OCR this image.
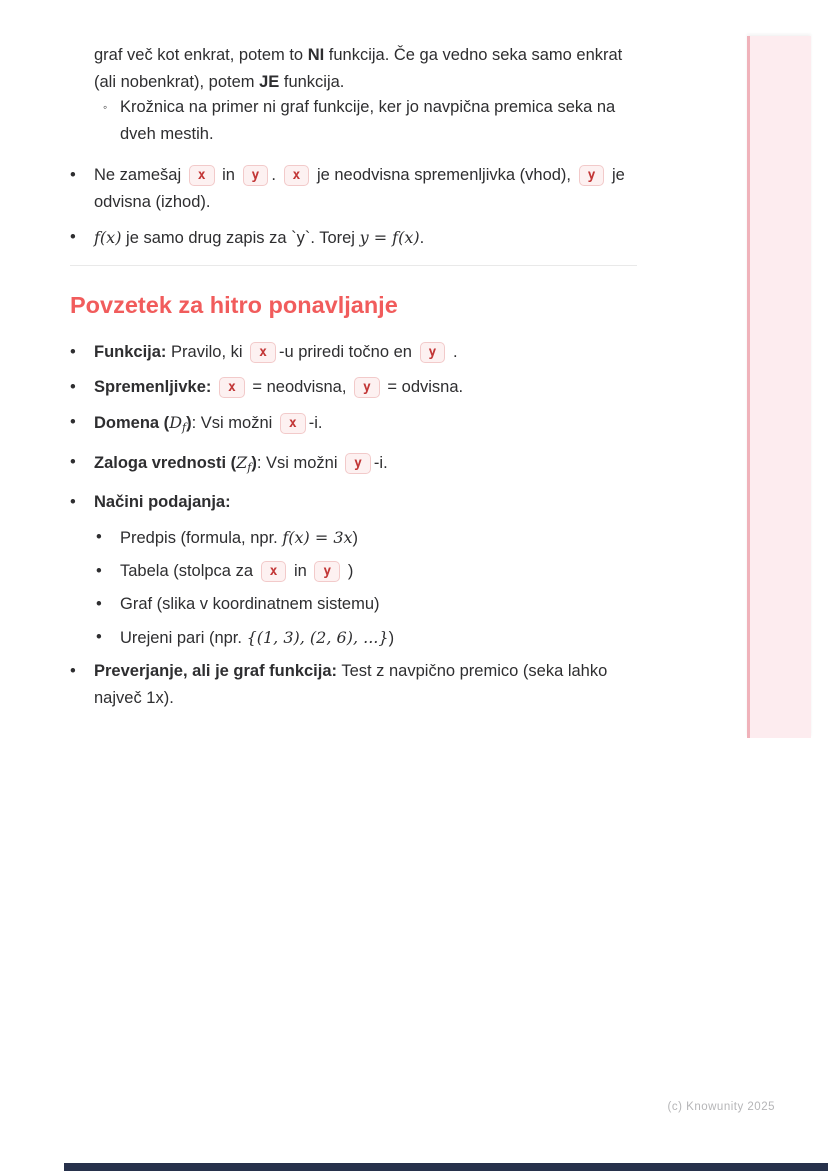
graf več kot enkrat, potem to NI funkcija. Če ga vedno seka samo enkrat (ali nobenkrat), potem JE funkcija.
◦ Krožnica na primer ni graf funkcije, ker jo navpična premica seka na dveh mestih.
•	Ne zamešaj x in y . x je neodvisna spremenljivka (vhod), y je odvisna (izhod).
•	f(x) je samo drug zapis za `y`. Torej y = f(x).
Povzetek za hitro ponavljanje
•	Funkcija: Pravilo, ki x -u priredi točno en y .
•	Spremenljivke: x = neodvisna, y = odvisna.
•	Domena (Df): Vsi možni x -i.
•	Zaloga vrednosti (Zf): Vsi možni y -i.
•	Načini podajanja:
•	Predpis (formula, npr. f(x) = 3x)
•	Tabela (stolpca za x in y )
•	Graf (slika v koordinatnem sistemu)
•	Urejeni pari (npr. {(1, 3), (2, 6), ...})
•	Preverjanje, ali je graf funkcija: Test z navpično premico (seka lahko največ 1x).
(c) Knowunity 2025
